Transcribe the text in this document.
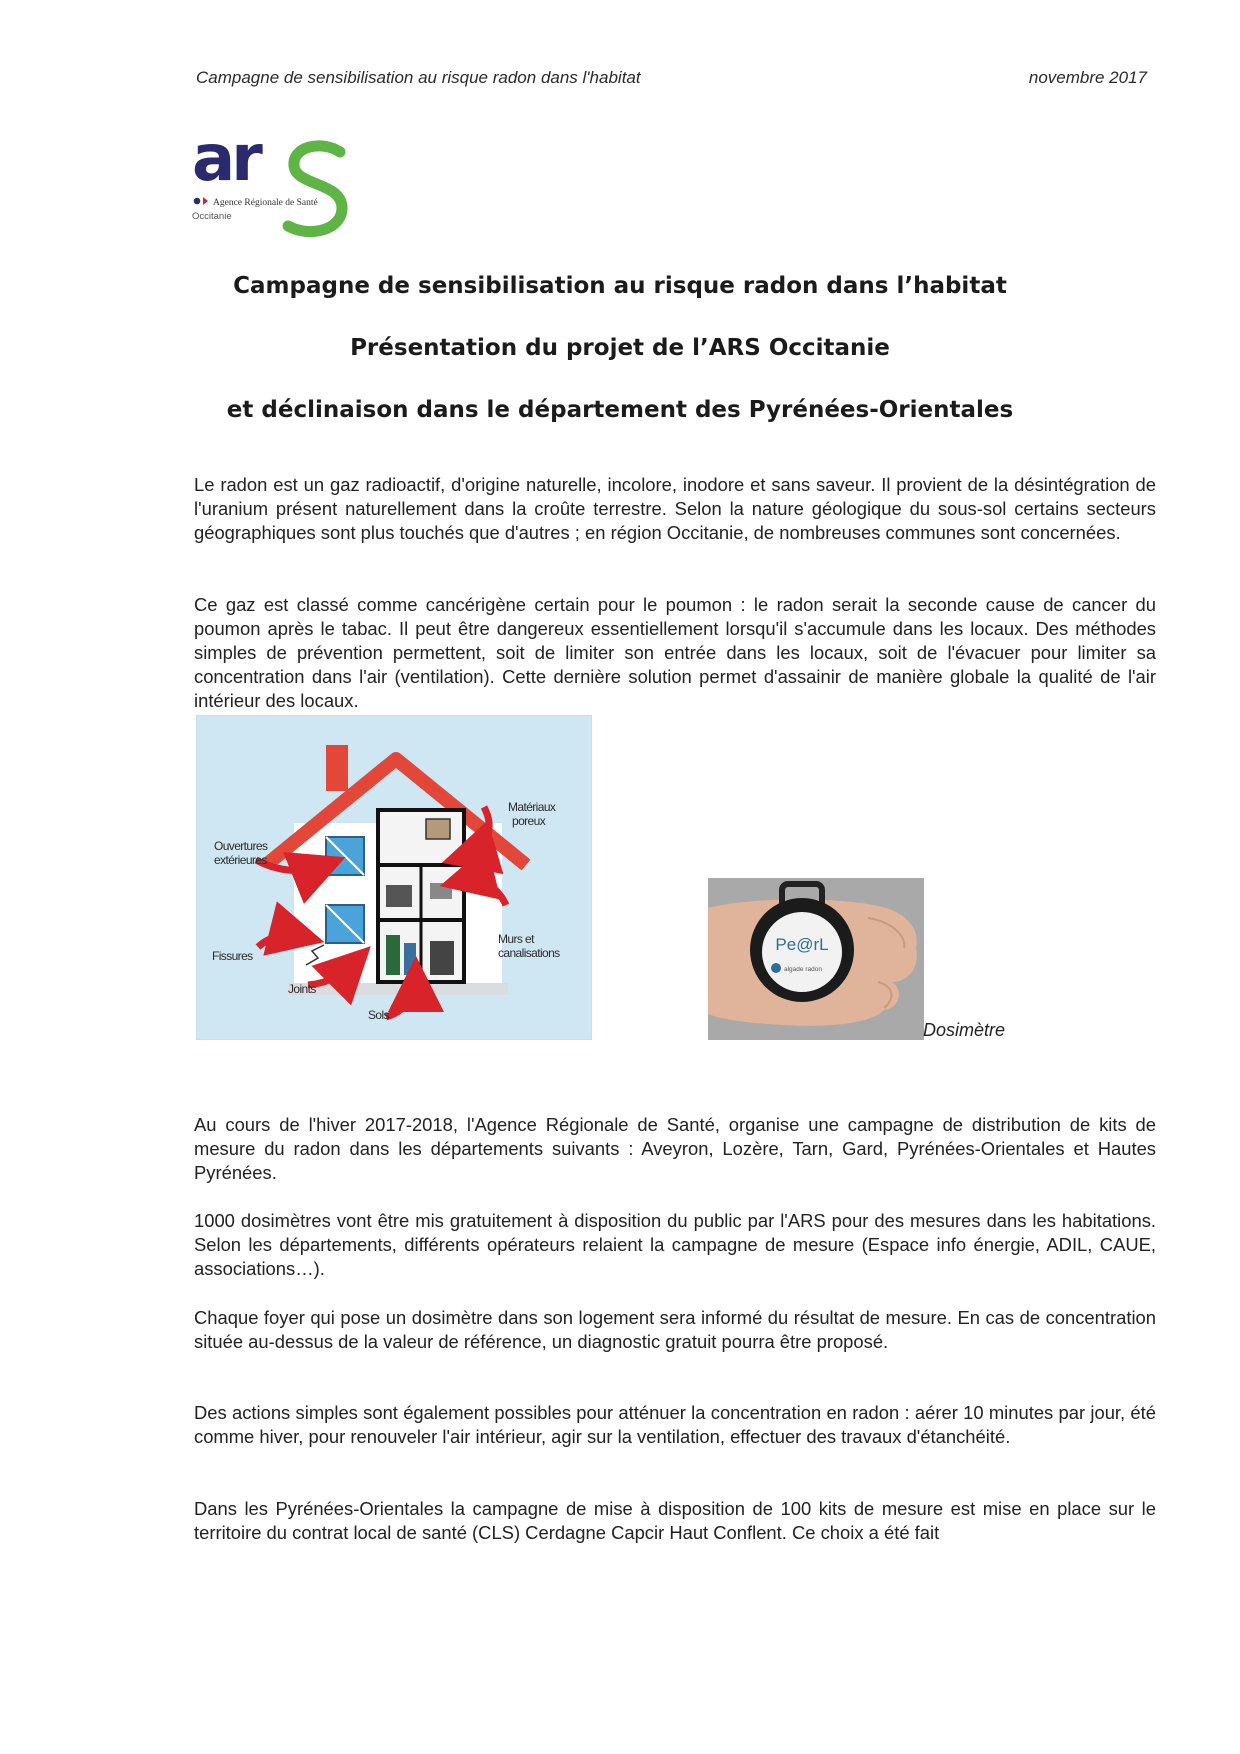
Campagne de sensibilisation au risque radon dans l'habitat	novembre 2017
ar
Agence Régionale de Santé
Occitanie
Campagne de sensibilisation au risque radon dans l’habitat
Présentation du projet de l’ARS Occitanie
et déclinaison dans le département des Pyrénées-Orientales

Le radon est un gaz radioactif, d'origine naturelle, incolore, inodore et sans saveur. Il provient de la désintégration de l'uranium présent naturellement dans la croûte terrestre. Selon la nature géologique du sous-sol certains secteurs géographiques sont plus touchés que d'autres ; en région Occitanie, de nombreuses communes sont concernées.

Ce gaz est classé comme cancérigène certain pour le poumon : le radon serait la seconde cause de cancer du poumon après le tabac. Il peut être dangereux essentiellement lorsqu'il s'accumule dans les locaux. Des méthodes simples de prévention permettent, soit de limiter son entrée dans les locaux, soit de l'évacuer pour limiter sa concentration dans l'air (ventilation). Cette dernière solution permet d'assainir de manière globale la qualité de l'air intérieur des locaux.

Matériaux
poreux
Ouvertures
extérieures
Fissures
Murs et
canalisations
Joints
Sols
Pe@rL
algade radon
Dosimètre

Au cours de l'hiver 2017-2018, l'Agence Régionale de Santé, organise une campagne de distribution de kits de mesure du radon dans les départements suivants : Aveyron, Lozère, Tarn, Gard, Pyrénées-Orientales et Hautes Pyrénées.

1000 dosimètres vont être mis gratuitement à disposition du public par l'ARS pour des mesures dans les habitations. Selon les départements, différents opérateurs relaient la campagne de mesure (Espace info énergie, ADIL, CAUE, associations…).

Chaque foyer qui pose un dosimètre dans son logement sera informé du résultat de mesure. En cas de concentration située au-dessus de la valeur de référence, un diagnostic gratuit pourra être proposé.

Des actions simples sont également possibles pour atténuer la concentration en radon : aérer 10 minutes par jour, été comme hiver, pour renouveler l'air intérieur, agir sur la ventilation, effectuer des travaux d'étanchéité.

Dans les Pyrénées-Orientales la campagne de mise à disposition de 100 kits de mesure est mise en place sur le territoire du contrat local de santé (CLS) Cerdagne Capcir Haut Conflent. Ce choix a été fait
